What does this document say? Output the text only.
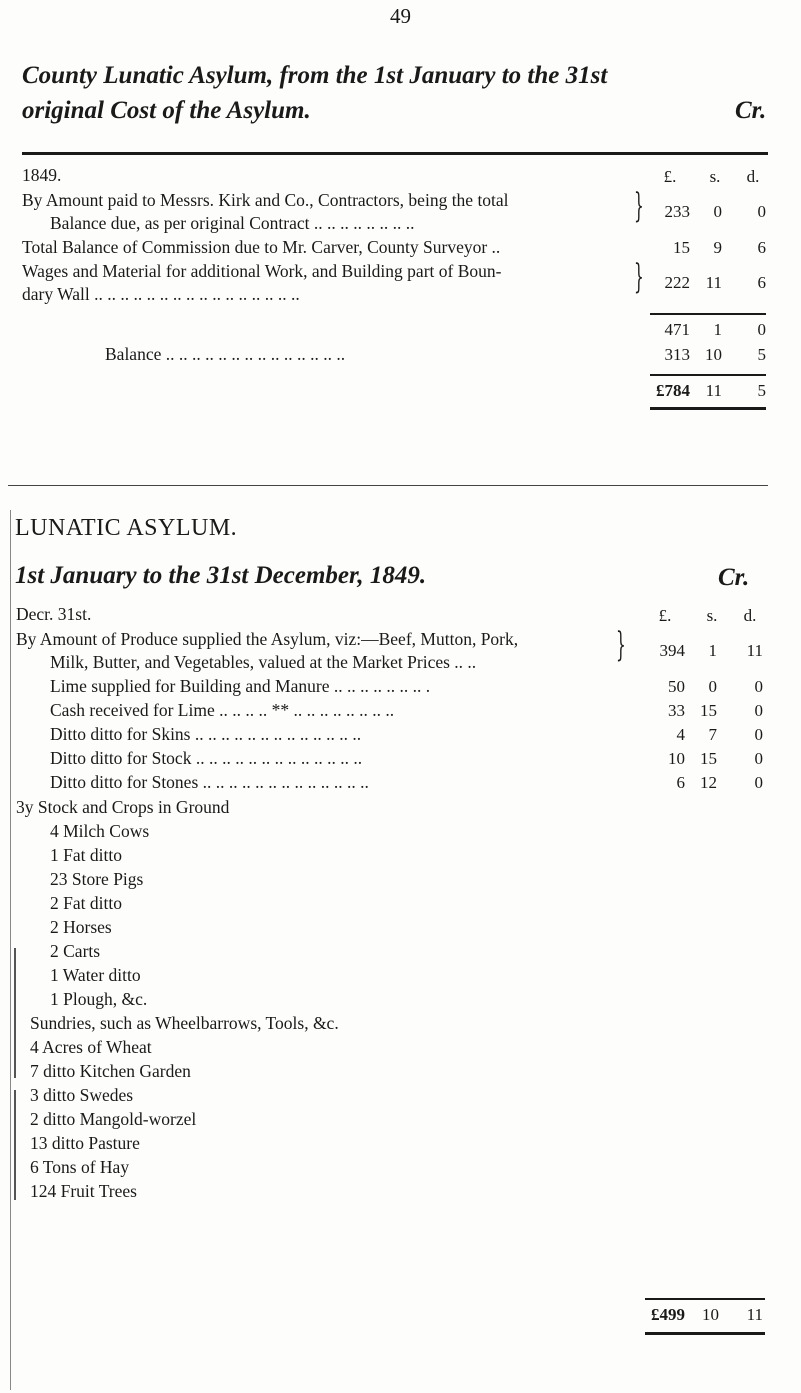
49
County Lunatic Asylum, from the 1st January to the 31st
original Cost of the Asylum.	Cr.
1849.	£.	s.	d.
By Amount paid to Messrs. Kirk and Co., Contractors, being the total
Balance due, as per original Contract .. .. .. .. .. .. .. ..	}	233	0	0
Total Balance of Commission due to Mr. Carver, County Surveyor ..	15	9	6
Wages and Material for additional Work, and Building part of Boun-
dary Wall .. .. .. .. .. .. .. .. .. .. .. .. .. .. .. ..	}	222 11	6
471	1	0
Balance .. .. .. .. .. .. .. .. .. .. .. .. .. ..	313 10	5
£784 11	5
LUNATIC ASYLUM.
1st January to the 31st December, 1849.	Cr.
Decr. 31st.	£.	s.	d.
By Amount of Produce supplied the Asylum, viz:—Beef, Mutton, Pork,
Milk, Butter, and Vegetables, valued at the Market Prices .. ..	}	394	1	11
Lime supplied for Building and Manure .. .. .. .. .. .. .. .	50	0	0
Cash received for Lime .. .. .. .. ** .. .. .. .. .. .. .. ..	33 15	0
Ditto ditto for Skins .. .. .. .. .. .. .. .. .. .. .. .. ..	4	7	0
Ditto ditto for Stock .. .. .. .. .. .. .. .. .. .. .. .. ..	10 15	0
Ditto ditto for Stones .. .. .. .. .. .. .. .. .. .. .. .. ..	6 12	0
3y Stock and Crops in Ground
4 Milch Cows
1 Fat ditto
23 Store Pigs
2 Fat ditto
2 Horses
2 Carts
1 Water ditto
1 Plough, &c.
Sundries, such as Wheelbarrows, Tools, &c.
4 Acres of Wheat
7 ditto Kitchen Garden
3 ditto Swedes
2 ditto Mangold-worzel
13 ditto Pasture
6 Tons of Hay
124 Fruit Trees
£499 10	11
